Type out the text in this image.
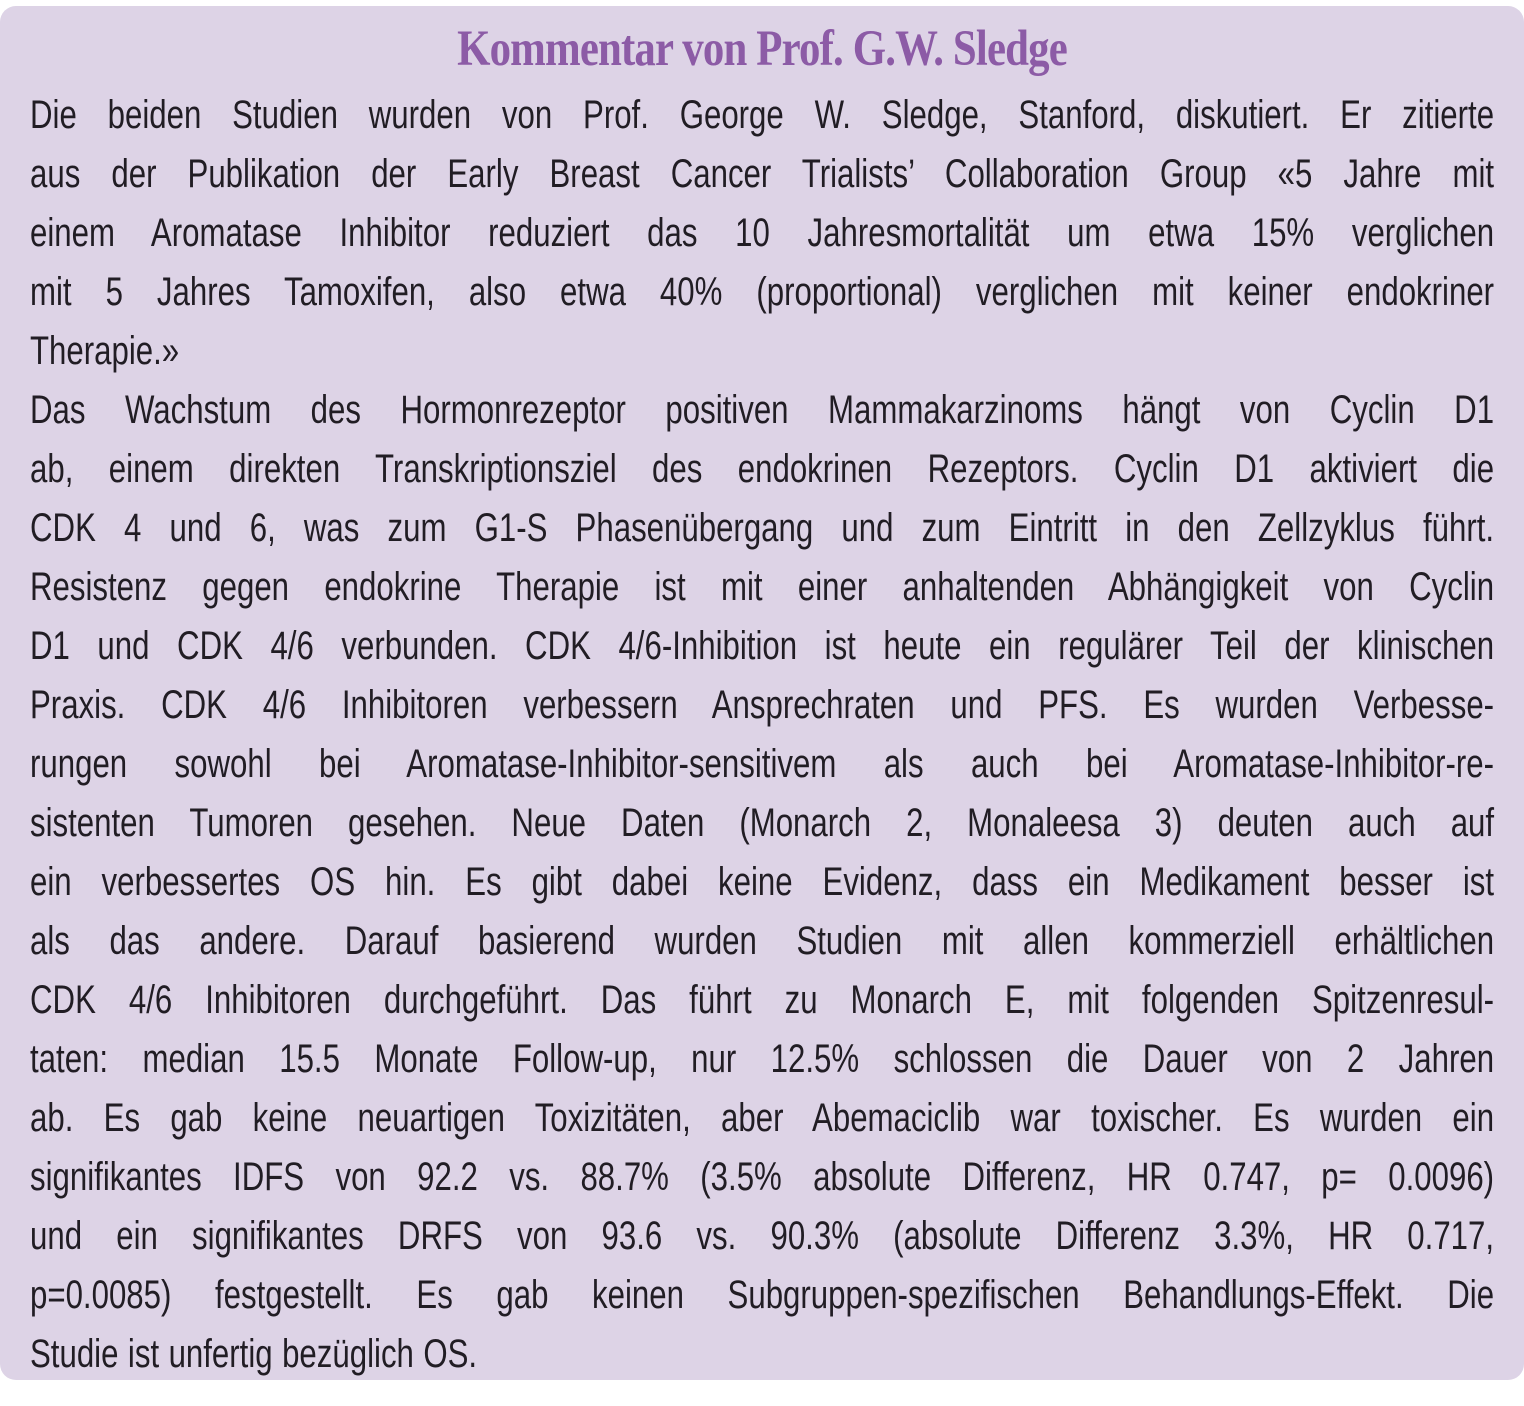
Kommentar von Prof. G.W. Sledge
Die beiden Studien wurden von Prof. George W. Sledge, Stanford, diskutiert. Er zitierte
aus der Publikation der Early Breast Cancer Trialists’ Collaboration Group «5 Jahre mit
einem Aromatase Inhibitor reduziert das 10 Jahresmortalität um etwa 15% verglichen
mit 5 Jahres Tamoxifen, also etwa 40% (proportional) verglichen mit keiner endokriner
Therapie.»
Das Wachstum des Hormonrezeptor positiven Mammakarzinoms hängt von Cyclin D1
ab, einem direkten Transkriptionsziel des endokrinen Rezeptors. Cyclin D1 aktiviert die
CDK 4 und 6, was zum G1-S Phasenübergang und zum Eintritt in den Zellzyklus führt.
Resistenz gegen endokrine Therapie ist mit einer anhaltenden Abhängigkeit von Cyclin
D1 und CDK 4/6 verbunden. CDK 4/6-Inhibition ist heute ein regulärer Teil der klinischen
Praxis. CDK 4/6 Inhibitoren verbessern Ansprechraten und PFS. Es wurden Verbesse-
rungen sowohl bei Aromatase-Inhibitor-sensitivem als auch bei Aromatase-Inhibitor-re-
sistenten Tumoren gesehen. Neue Daten (Monarch 2, Monaleesa 3) deuten auch auf
ein verbessertes OS hin. Es gibt dabei keine Evidenz, dass ein Medikament besser ist
als das andere. Darauf basierend wurden Studien mit allen kommerziell erhältlichen
CDK 4/6 Inhibitoren durchgeführt. Das führt zu Monarch E, mit folgenden Spitzenresul-
taten: median 15.5 Monate Follow-up, nur 12.5% schlossen die Dauer von 2 Jahren
ab. Es gab keine neuartigen Toxizitäten, aber Abemaciclib war toxischer. Es wurden ein
signifikantes IDFS von 92.2 vs. 88.7% (3.5% absolute Differenz, HR 0.747, p= 0.0096)
und ein signifikantes DRFS von 93.6 vs. 90.3% (absolute Differenz 3.3%, HR 0.717,
p=0.0085) festgestellt. Es gab keinen Subgruppen-spezifischen Behandlungs-Effekt. Die
Studie ist unfertig bezüglich OS.
